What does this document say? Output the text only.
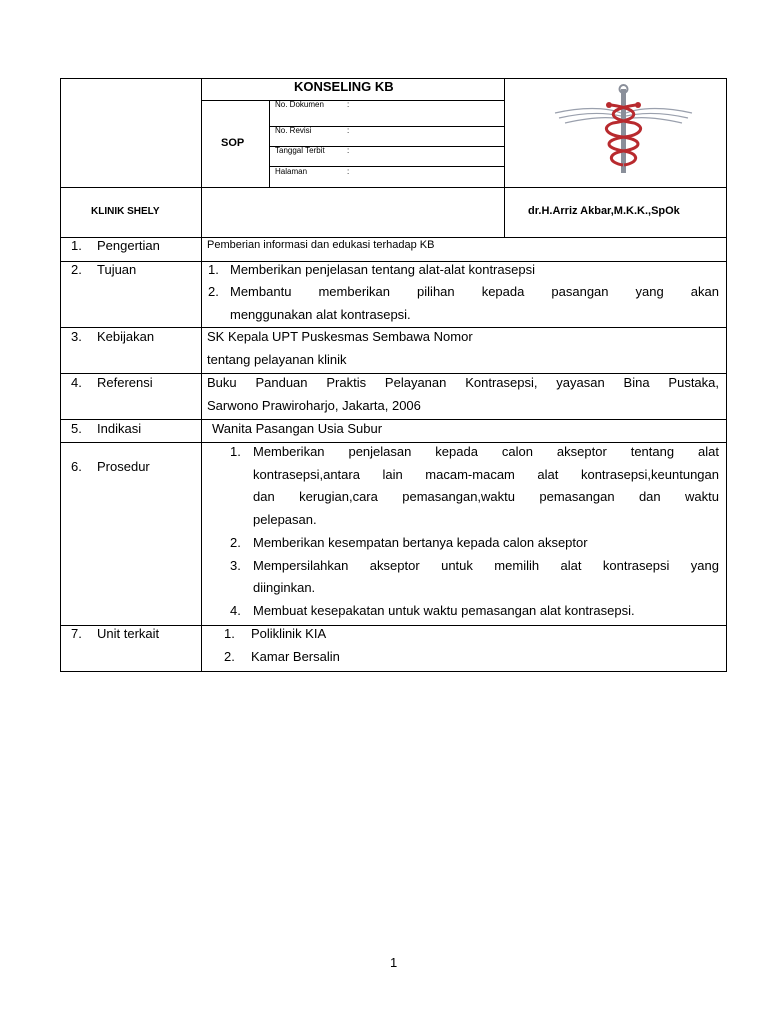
KONSELING KB
SOP
No. Dokumen	:
No. Revisi	:
Tanggal Terbit	:
Halaman	:
KLINIK SHELY	dr.H.Arriz Akbar,M.K.K.,SpOk
1. Pengertian	Pemberian informasi dan edukasi terhadap KB
2. Tujuan	1. Memberikan penjelasan tentang alat-alat kontrasepsi
2. Membantu memberikan pilihan kepada pasangan yang akan
menggunakan alat kontrasepsi.
3. Kebijakan	SK Kepala UPT Puskesmas Sembawa Nomor
tentang pelayanan klinik
4. Referensi	Buku Panduan Praktis Pelayanan Kontrasepsi, yayasan Bina Pustaka,
Sarwono Prawiroharjo, Jakarta, 2006
5. Indikasi	Wanita Pasangan Usia Subur
6. Prosedur
1. Memberikan penjelasan kepada calon akseptor tentang alat
kontrasepsi,antara lain macam-macam alat kontrasepsi,keuntungan
dan kerugian,cara pemasangan,waktu pemasangan dan waktu
pelepasan.
2. Memberikan kesempatan bertanya kepada calon akseptor
3. Mempersilahkan akseptor untuk memilih alat kontrasepsi yang
diinginkan.
4. Membuat kesepakatan untuk waktu pemasangan alat kontrasepsi.
7. Unit terkait	1. Poliklinik KIA
2. Kamar Bersalin
1
